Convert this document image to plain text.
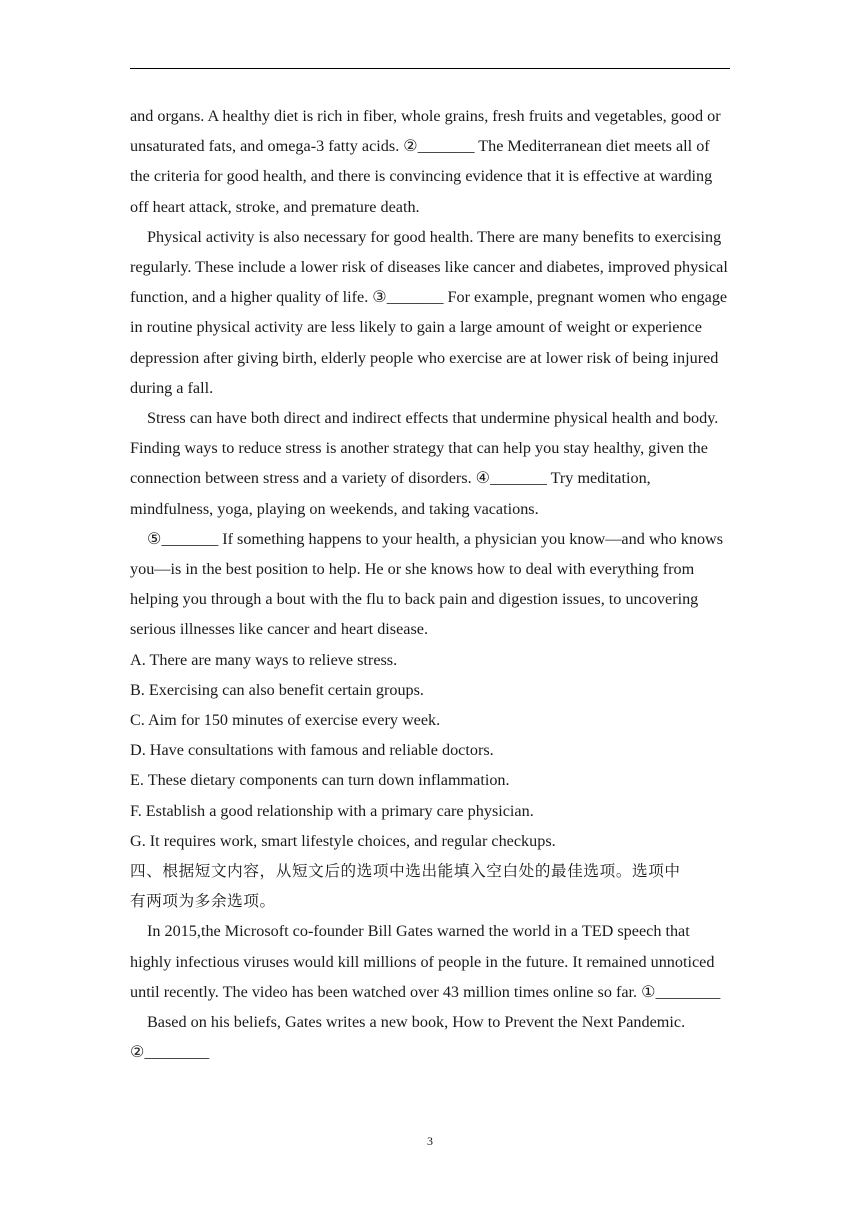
and organs. A healthy diet is rich in fiber, whole grains, fresh fruits and vegetables, good or unsaturated fats, and omega-3 fatty acids. ②_______ The Mediterranean diet meets all of the criteria for good health, and there is convincing evidence that it is effective at warding off heart attack, stroke, and premature death.

Physical activity is also necessary for good health. There are many benefits to exercising regularly. These include a lower risk of diseases like cancer and diabetes, improved physical function, and a higher quality of life. ③_______ For example, pregnant women who engage in routine physical activity are less likely to gain a large amount of weight or experience depression after giving birth, elderly people who exercise are at lower risk of being injured during a fall.

Stress can have both direct and indirect effects that undermine physical health and body. Finding ways to reduce stress is another strategy that can help you stay healthy, given the connection between stress and a variety of disorders. ④_______ Try meditation, mindfulness, yoga, playing on weekends, and taking vacations.

⑤_______ If something happens to your health, a physician you know—and who knows you—is in the best position to help. He or she knows how to deal with everything from helping you through a bout with the flu to back pain and digestion issues, to uncovering serious illnesses like cancer and heart disease.

A. There are many ways to relieve stress.

B. Exercising can also benefit certain groups.

C. Aim for 150 minutes of exercise every week.

D. Have consultations with famous and reliable doctors.

E. These dietary components can turn down inflammation.

F. Establish a good relationship with a primary care physician.

G. It requires work, smart lifestyle choices, and regular checkups.

四、根据短文内容，从短文后的选项中选出能填入空白处的最佳选项。选项中

有两项为多余选项。

In 2015,the Microsoft co-founder Bill Gates warned the world in a TED speech that highly infectious viruses would kill millions of people in the future. It remained unnoticed until recently. The video has been watched over 43 million times online so far. ①________

Based on his beliefs, Gates writes a new book, How to Prevent the Next Pandemic. ②________

3
